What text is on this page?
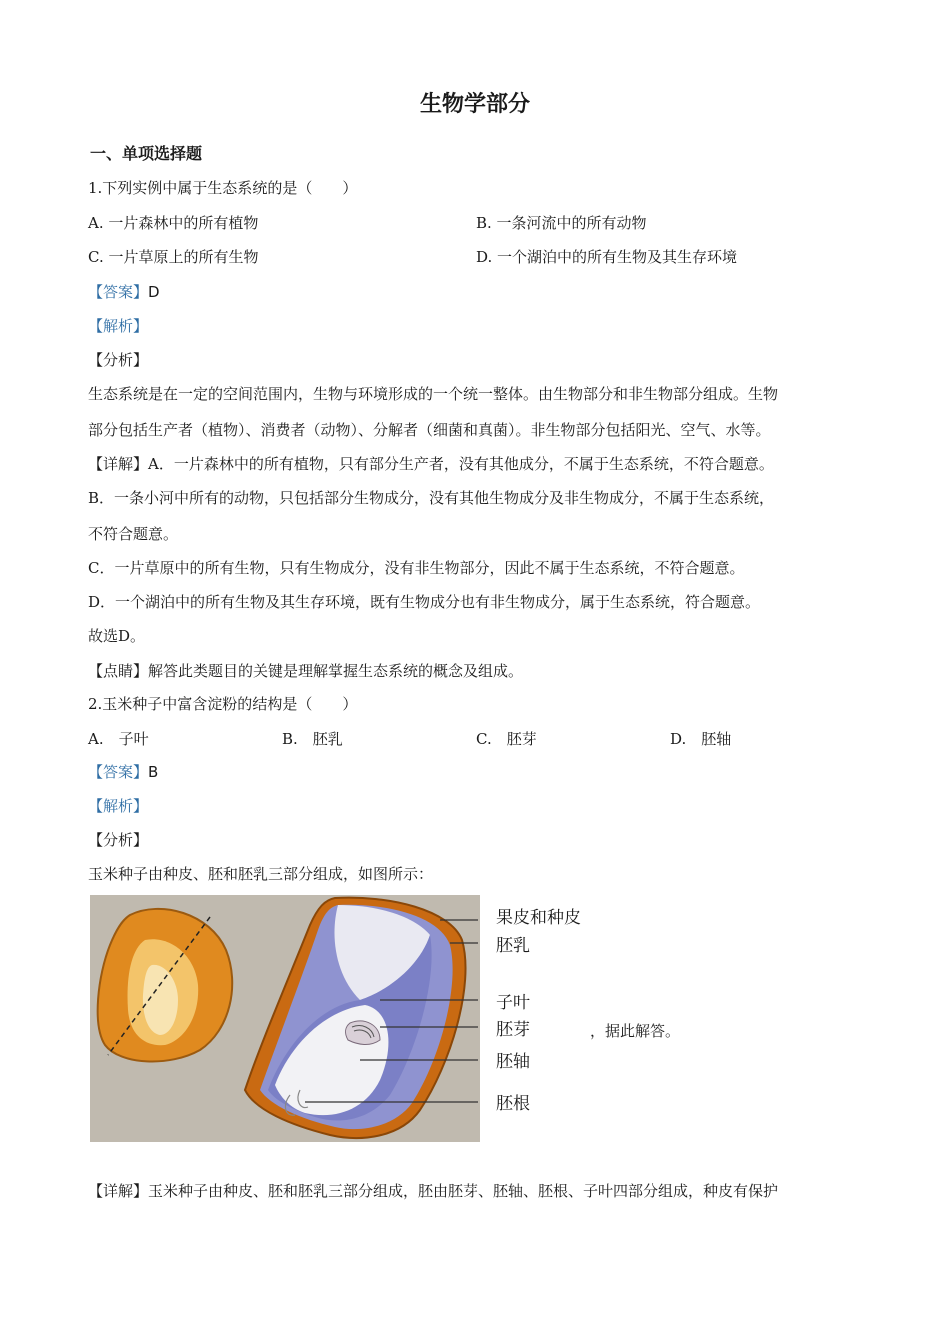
生物学部分
一、单项选择题
1.下列实例中属于生态系统的是（　　）
A. 一片森林中的所有植物	B. 一条河流中的所有动物
C. 一片草原上的所有生物	D. 一个湖泊中的所有生物及其生存环境
【答案】D
【解析】
【分析】
生态系统是在一定的空间范围内，生物与环境形成的一个统一整体。由生物部分和非生物部分组成。生物
部分包括生产者（植物）、消费者（动物）、分解者（细菌和真菌）。非生物部分包括阳光、空气、水等。
【详解】A．一片森林中的所有植物，只有部分生产者，没有其他成分，不属于生态系统，不符合题意。
B．一条小河中所有的动物，只包括部分生物成分，没有其他生物成分及非生物成分，不属于生态系统，
不符合题意。
C．一片草原中的所有生物，只有生物成分，没有非生物部分，因此不属于生态系统，不符合题意。
D．一个湖泊中的所有生物及其生存环境，既有生物成分也有非生物成分，属于生态系统，符合题意。
故选D。
【点睛】解答此类题目的关键是理解掌握生态系统的概念及组成。
2.玉米种子中富含淀粉的结构是（　　）
A.　子叶	B.　胚乳	C.　胚芽	D.　胚轴
【答案】B
【解析】
【分析】
玉米种子由种皮、胚和胚乳三部分组成，如图所示：
果皮和种皮
胚乳
子叶
胚芽
胚轴
胚根
，据此解答。
【详解】玉米种子由种皮、胚和胚乳三部分组成，胚由胚芽、胚轴、胚根、子叶四部分组成，种皮有保护
